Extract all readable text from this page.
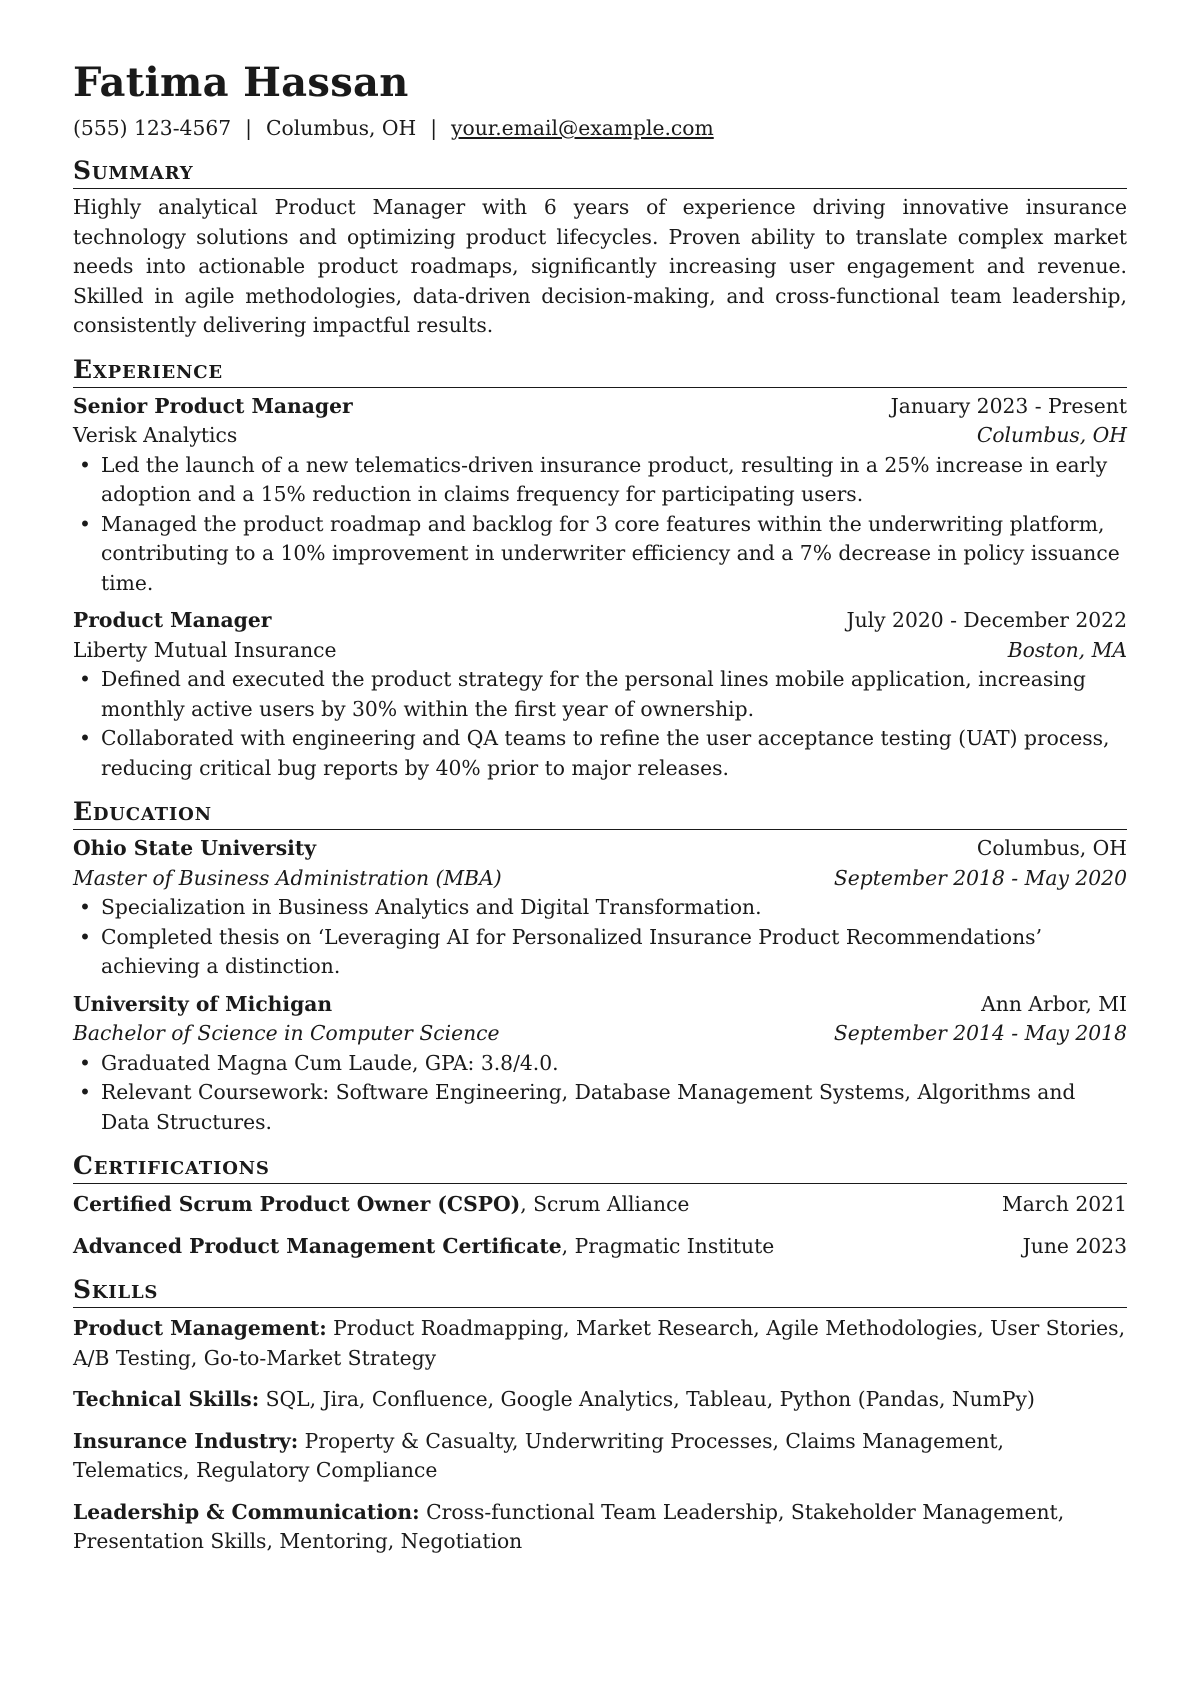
Fatima Hassan
(555) 123-4567 | Columbus, OH | your.email@example.com
Summary

Highly analytical Product Manager with 6 years of experience driving innovative insurance technology solutions and optimizing product lifecycles. Proven ability to translate complex market needs into actionable product roadmaps, significantly increasing user engagement and revenue. Skilled in agile methodologies, data-driven decision-making, and cross-functional team leadership, consistently delivering impactful results.

Experience
Senior Product Manager	January 2023 - Present
Verisk Analytics	Columbus, OH
• Led the launch of a new telematics-driven insurance product, resulting in a 25% increase in early adoption and a 15% reduction in claims frequency for participating users.
• Managed the product roadmap and backlog for 3 core features within the underwriting platform, contributing to a 10% improvement in underwriter efficiency and a 7% decrease in policy issuance time.
Product Manager	July 2020 - December 2022
Liberty Mutual Insurance	Boston, MA
• Defined and executed the product strategy for the personal lines mobile application, increasing monthly active users by 30% within the first year of ownership.
• Collaborated with engineering and QA teams to refine the user acceptance testing (UAT) process, reducing critical bug reports by 40% prior to major releases.
Education
Ohio State University	Columbus, OH
Master of Business Administration (MBA)	September 2018 - May 2020
• Specialization in Business Analytics and Digital Transformation.
• Completed thesis on ‘Leveraging AI for Personalized Insurance Product Recommendations’ achieving a distinction.
University of Michigan	Ann Arbor, MI
Bachelor of Science in Computer Science	September 2014 - May 2018
• Graduated Magna Cum Laude, GPA: 3.8/4.0.
• Relevant Coursework: Software Engineering, Database Management Systems, Algorithms and Data Structures.
Certifications
Certified Scrum Product Owner (CSPO), Scrum Alliance	March 2021
Advanced Product Management Certificate, Pragmatic Institute	June 2023
Skills
Product Management: Product Roadmapping, Market Research, Agile Methodologies, User Stories, A/B Testing, Go-to-Market Strategy
Technical Skills: SQL, Jira, Confluence, Google Analytics, Tableau, Python (Pandas, NumPy)
Insurance Industry: Property & Casualty, Underwriting Processes, Claims Management, Telematics, Regulatory Compliance
Leadership & Communication: Cross-functional Team Leadership, Stakeholder Management, Presentation Skills, Mentoring, Negotiation
